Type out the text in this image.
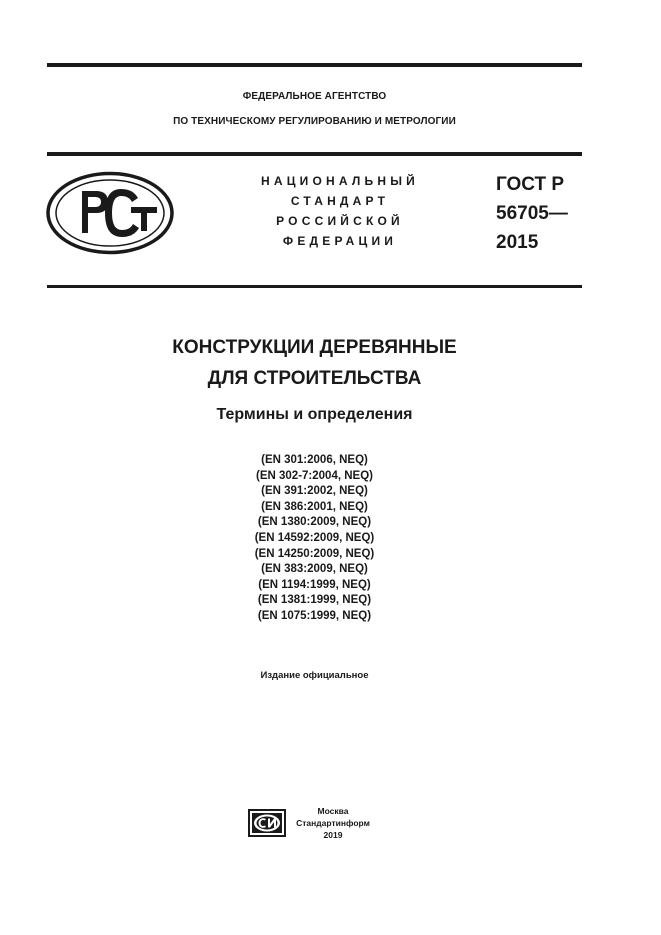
ФЕДЕРАЛЬНОЕ АГЕНТСТВО
ПО ТЕХНИЧЕСКОМУ РЕГУЛИРОВАНИЮ И МЕТРОЛОГИИ
НАЦИОНАЛЬНЫЙ
СТАНДАРТ
РОССИЙСКОЙ
ФЕДЕРАЦИИ
ГОСТ Р
56705—
2015
КОНСТРУКЦИИ ДЕРЕВЯННЫЕ
ДЛЯ СТРОИТЕЛЬСТВА
Термины и определения
(EN 301:2006, NEQ)
(EN 302-7:2004, NEQ)
(EN 391:2002, NEQ)
(EN 386:2001, NEQ)
(EN 1380:2009, NEQ)
(EN 14592:2009, NEQ)
(EN 14250:2009, NEQ)
(EN 383:2009, NEQ)
(EN 1194:1999, NEQ)
(EN 1381:1999, NEQ)
(EN 1075:1999, NEQ)
Издание официальное
Москва
Стандартинформ
2019
